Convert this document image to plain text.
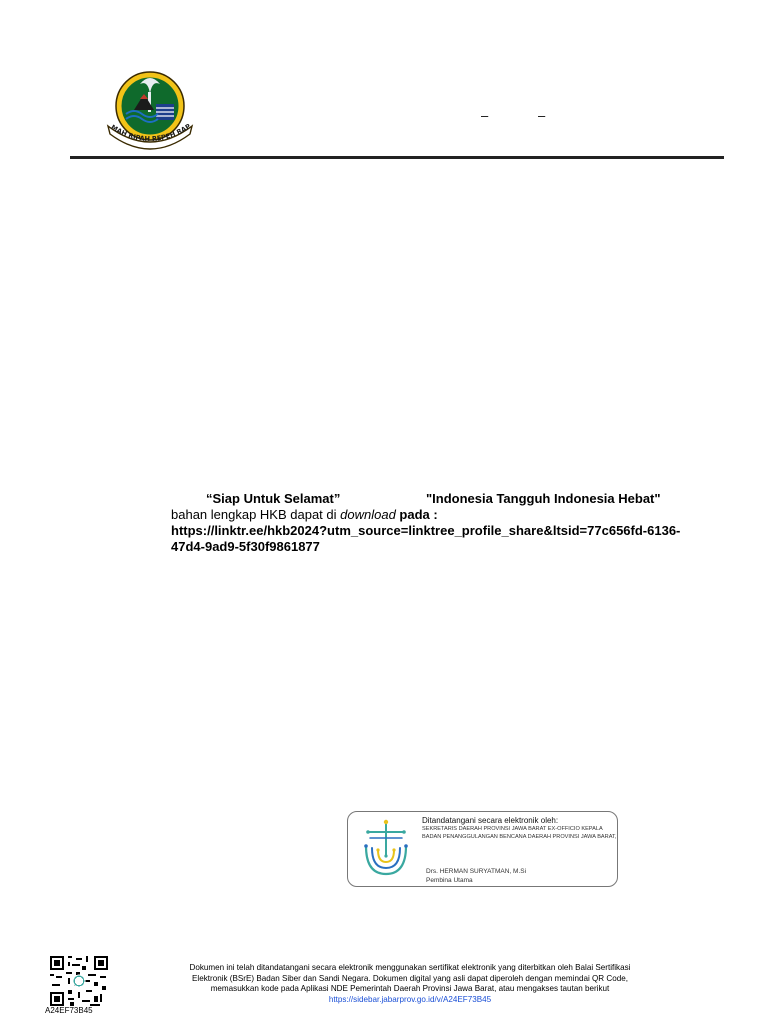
MAH RIPAH REPEH RAP
–	–
“Siap Untuk Selamat”	"Indonesia Tangguh Indonesia Hebat"
bahan lengkap HKB dapat di download pada :
https://linktr.ee/hkb2024?utm_source=linktree_profile_share&ltsid=77c656fd-6136-47d4-9ad9-5f30f9861877
Ditandatangani secara elektronik oleh:
SEKRETARIS DAERAH PROVINSI JAWA BARAT EX-OFFICIO KEPALA BADAN PENANGGULANGAN BENCANA DAERAH PROVINSI JAWA BARAT,
Drs. HERMAN SURYATMAN, M.Si
Pembina Utama
A24EF73B45
Dokumen ini telah ditandatangani secara elektronik menggunakan sertifikat elektronik yang diterbitkan oleh Balai Sertifikasi
Elektronik (BSrE) Badan Siber dan Sandi Negara. Dokumen digital yang asli dapat diperoleh dengan memindai QR Code,
memasukkan kode pada Aplikasi NDE Pemerintah Daerah Provinsi Jawa Barat, atau mengakses tautan berikut
https://sidebar.jabarprov.go.id/v/A24EF73B45
